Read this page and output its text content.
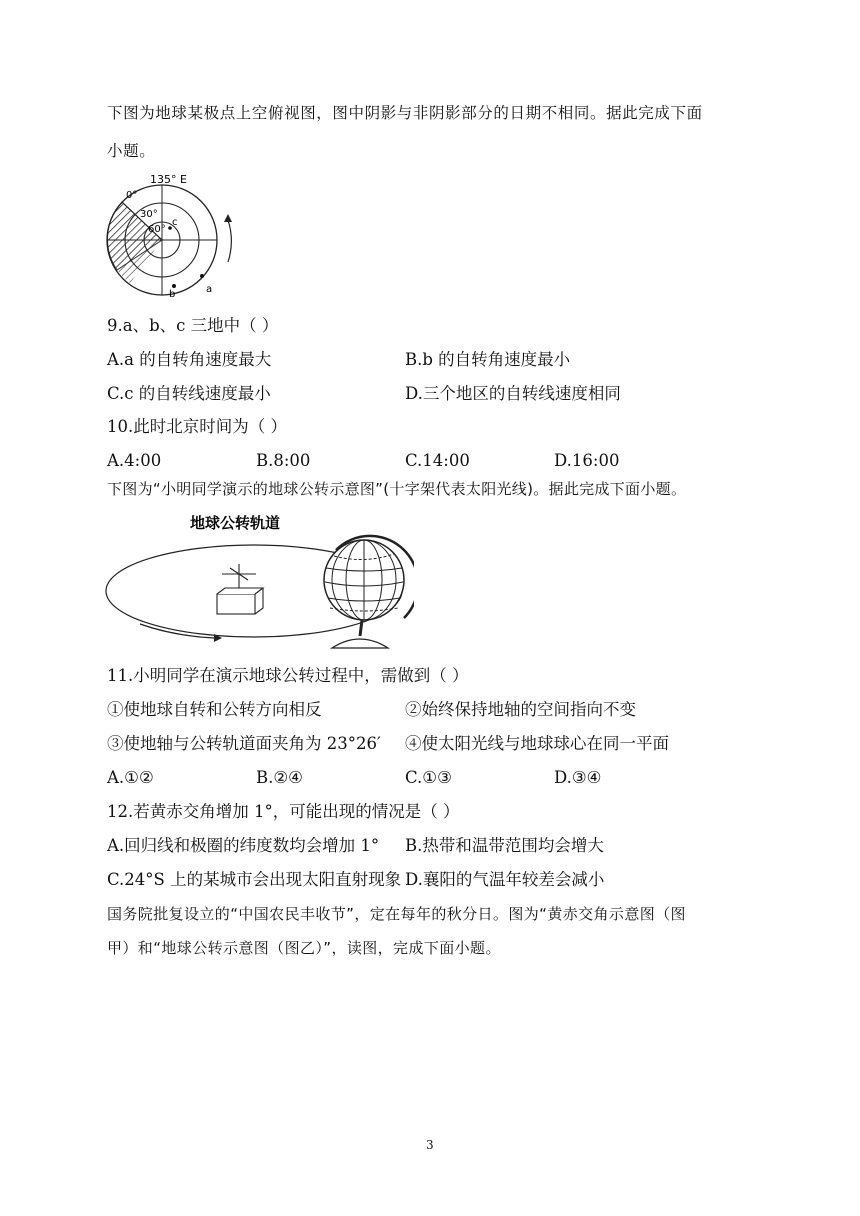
下图为地球某极点上空俯视图，图中阴影与非阴影部分的日期不相同。据此完成下面
小题。
135° E
0°
30°
60°
c
b	a
9.a、b、c 三地中（ ）
A.a 的自转角速度最大	B.b 的自转角速度最小
C.c 的自转线速度最小	D.三个地区的自转线速度相同
10.此时北京时间为（ ）
A.4:00	B.8:00	C.14:00	D.16:00
下图为“小明同学演示的地球公转示意图”(十字架代表太阳光线)。据此完成下面小题。
地球公转轨道
11.小明同学在演示地球公转过程中，需做到（ ）
①使地球自转和公转方向相反	②始终保持地轴的空间指向不变
③使地轴与公转轨道面夹角为 23°26′ ④使太阳光线与地球球心在同一平面
A.①②	B.②④	C.①③	D.③④
12.若黄赤交角增加 1°，可能出现的情况是（ ）
A.回归线和极圈的纬度数均会增加 1° B.热带和温带范围均会增大
C.24°S 上的某城市会出现太阳直射现象 D.襄阳的气温年较差会减小
国务院批复设立的“中国农民丰收节”，定在每年的秋分日。图为“黄赤交角示意图（图
甲）和“地球公转示意图（图乙）”，读图，完成下面小题。
3
